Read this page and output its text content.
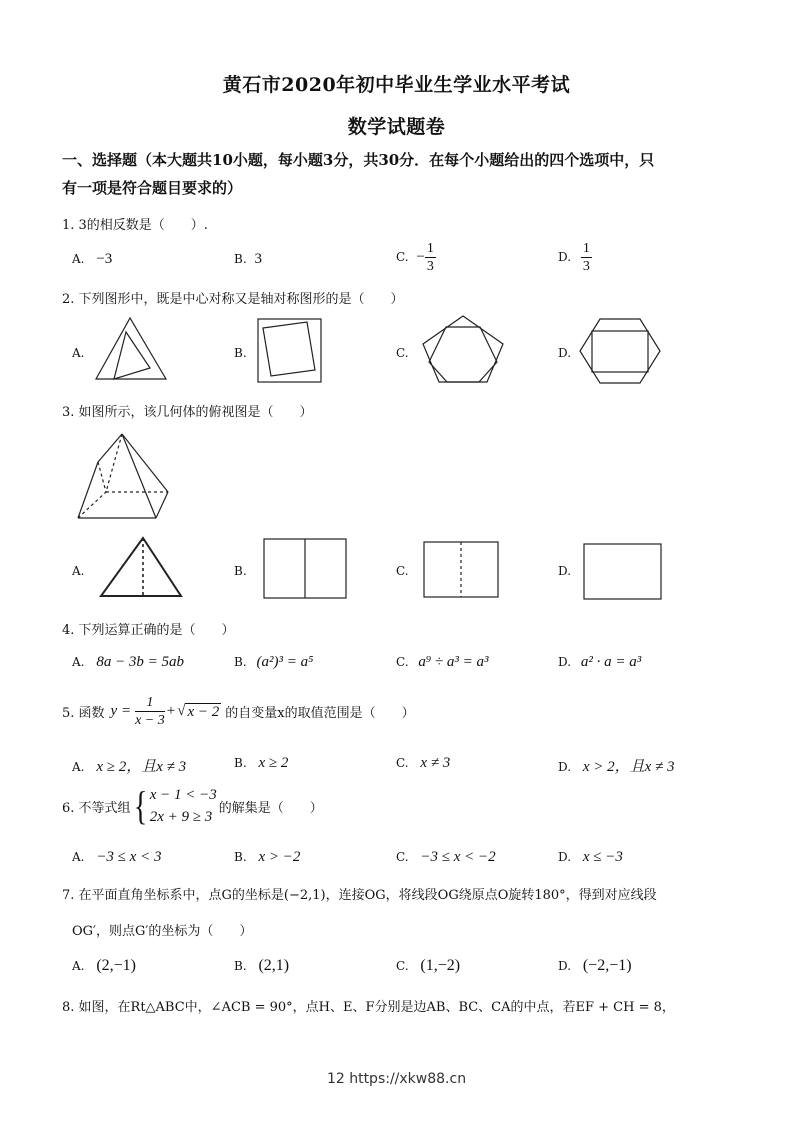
黄石市2020年初中毕业生学业水平考试
数学试题卷
一、选择题（本大题共10小题，每小题3分，共30分．在每个小题给出的四个选项中，只
有一项是符合题目要求的）
1. 3的相反数是（　　）.
A. −3	B. 3	C. − $\frac{1}{3}$	D. $\frac{1}{3}$
2. 下列图形中，既是中心对称又是轴对称图形的是（　　）
A.	B.	C.	D.
3. 如图所示，该几何体的俯视图是（　　）
A.	B.	C.	D.
4. 下列运算正确的是（　　）
A. 8a − 3b = 5ab	B. (a²)³ = a⁵	C. a⁹ ÷ a³ = a³	D. a² · a = a³
5. 函数 $y = \frac{1}{x - 3}$ + √ x − 2 的自变量x的取值范围是（　　）
A. x ≥ 2，且x ≠ 3	B. x ≥ 2	C. x ≠ 3	D. x > 2，且x ≠ 3
6. 不等式组 { x − 1 < −3
2x + 9 ≥ 3
的解集是（　　）
A. −3 ≤ x < 3	B. x > −2	C. −3 ≤ x < −2	D. x ≤ −3
7. 在平面直角坐标系中，点G的坐标是(−2,1)，连接OG，将线段OG绕原点O旋转180°，得到对应线段
OG′，则点G′的坐标为（　　）
A. (2,−1)	B. (2,1)	C. (1,−2)	D. (−2,−1)
8. 如图，在Rt△ABC中，∠ACB = 90°，点H、E、F分别是边AB、BC、CA的中点，若EF + CH = 8，
12 https://xkw88.cn
